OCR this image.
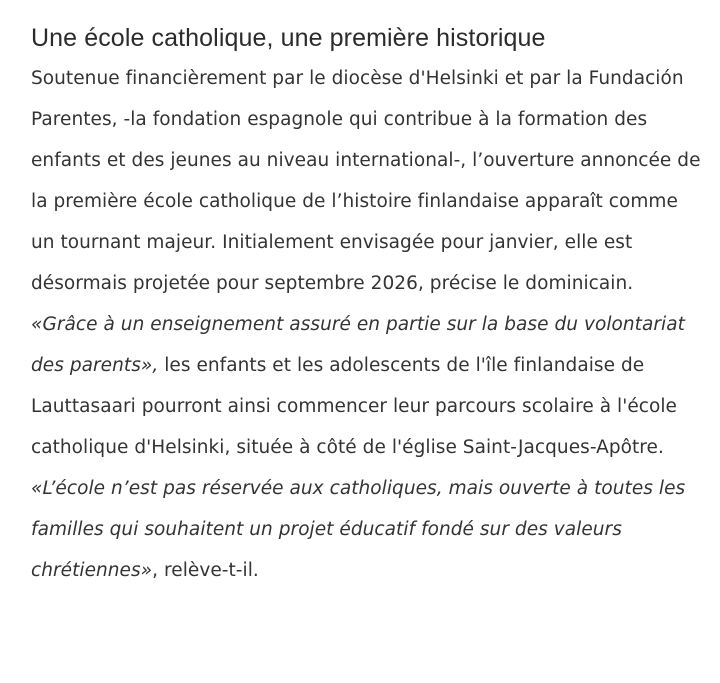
Une école catholique, une première historique

Soutenue financièrement par le diocèse d'Helsinki et par la Fundación Parentes, -la fondation espagnole qui contribue à la formation des enfants et des jeunes au niveau international-, l’ouverture annoncée de la première école catholique de l’histoire finlandaise apparaît comme un tournant majeur. Initialement envisagée pour janvier, elle est désormais projetée pour septembre 2026, précise le dominicain. «Grâce à un enseignement assuré en partie sur la base du volontariat des parents», les enfants et les adolescents de l'île finlandaise de Lauttasaari pourront ainsi commencer leur parcours scolaire à l'école catholique d'Helsinki, située à côté de l'église Saint-Jacques-Apôtre. «L’école n’est pas réservée aux catholiques, mais ouverte à toutes les familles qui souhaitent un projet éducatif fondé sur des valeurs chrétiennes», relève-t-il.
